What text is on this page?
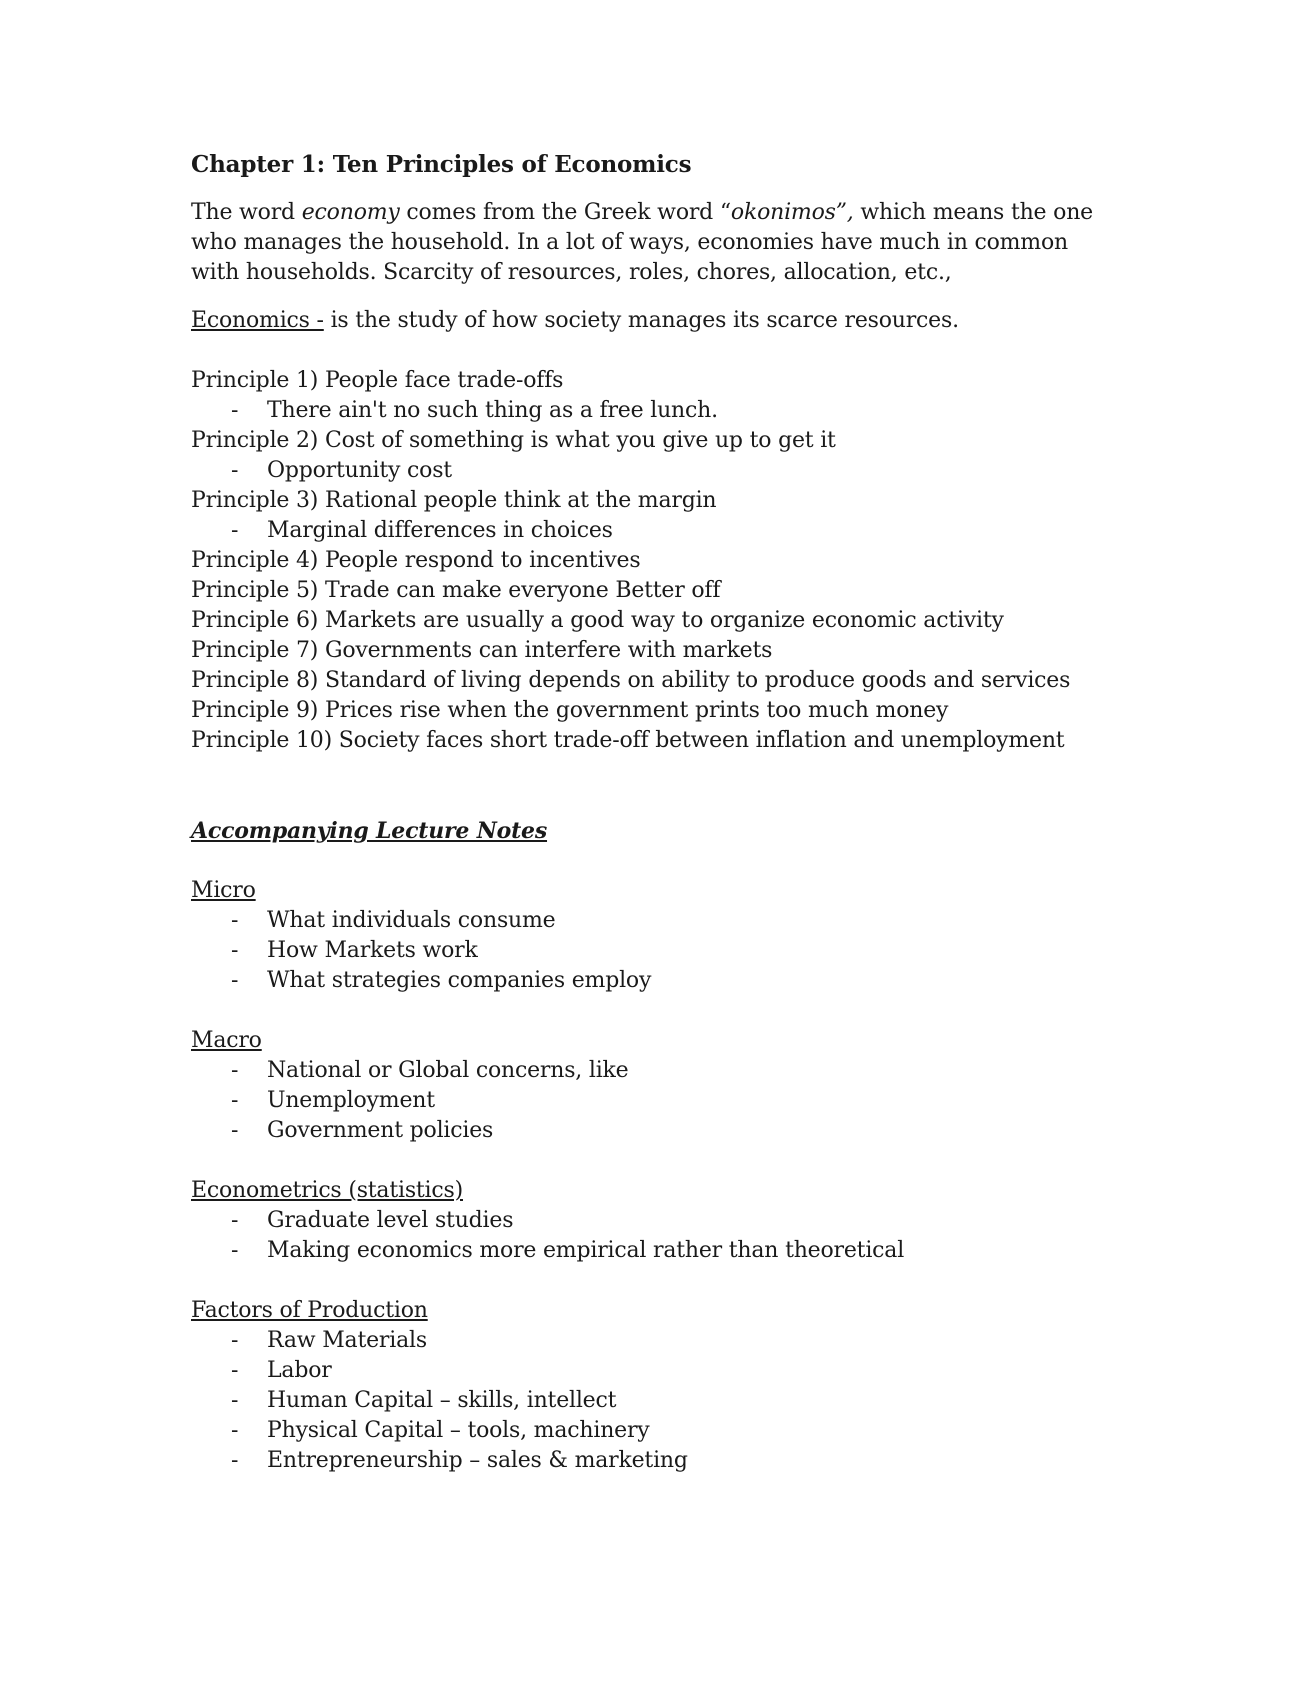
Chapter 1: Ten Principles of Economics

The word economy comes from the Greek word “okonimos”, which means the one

who manages the household. In a lot of ways, economies have much in common

with households. Scarcity of resources, roles, chores, allocation, etc.,

Economics - is the study of how society manages its scarce resources.
Principle 1) People face trade-offs
- There ain't no such thing as a free lunch.
Principle 2) Cost of something is what you give up to get it
- Opportunity cost
Principle 3) Rational people think at the margin
- Marginal differences in choices
Principle 4) People respond to incentives
Principle 5) Trade can make everyone Better off
Principle 6) Markets are usually a good way to organize economic activity
Principle 7) Governments can interfere with markets
Principle 8) Standard of living depends on ability to produce goods and services
Principle 9) Prices rise when the government prints too much money
Principle 10) Society faces short trade-off between inflation and unemployment
Accompanying Lecture Notes
Micro
- What individuals consume
- How Markets work
- What strategies companies employ
Macro
- National or Global concerns, like
- Unemployment
- Government policies
Econometrics (statistics)
- Graduate level studies
- Making economics more empirical rather than theoretical
Factors of Production
- Raw Materials
- Labor
- Human Capital – skills, intellect
- Physical Capital – tools, machinery
- Entrepreneurship – sales & marketing
